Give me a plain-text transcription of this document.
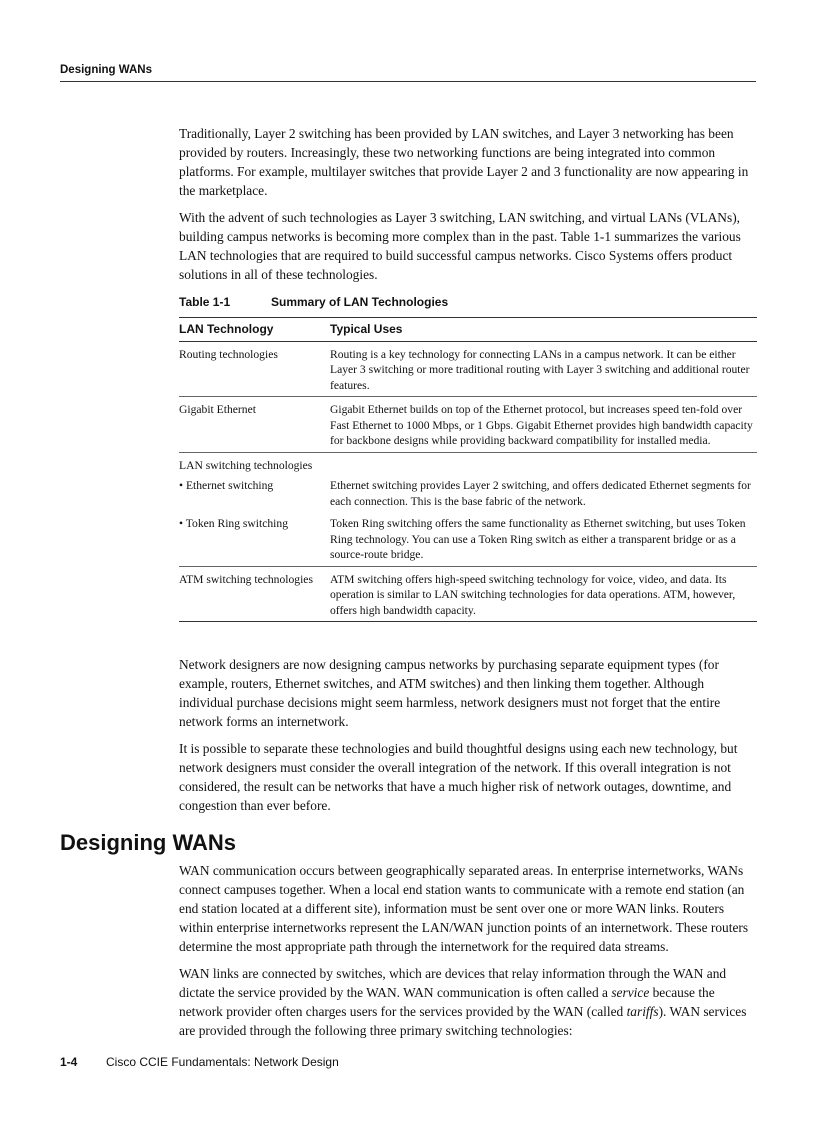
Designing WANs

Traditionally, Layer 2 switching has been provided by LAN switches, and Layer 3 networking has been provided by routers. Increasingly, these two networking functions are being integrated into common platforms. For example, multilayer switches that provide Layer 2 and 3 functionality are now appearing in the marketplace.

With the advent of such technologies as Layer 3 switching, LAN switching, and virtual LANs (VLANs), building campus networks is becoming more complex than in the past. Table 1-1 summarizes the various LAN technologies that are required to build successful campus networks. Cisco Systems offers product solutions in all of these technologies.

Table 1-1	Summary of LAN Technologies
LAN Technology	Typical Uses
Routing technologies	Routing is a key technology for connecting LANs in a campus network. It can be either Layer 3 switching or more traditional routing with Layer 3 switching and additional router features.
Gigabit Ethernet	Gigabit Ethernet builds on top of the Ethernet protocol, but increases speed ten-fold over Fast Ethernet to 1000 Mbps, or 1 Gbps. Gigabit Ethernet provides high bandwidth capacity for backbone designs while providing backward compatibility for installed media.
LAN switching technologies
• Ethernet switching	Ethernet switching provides Layer 2 switching, and offers dedicated Ethernet segments for each connection. This is the base fabric of the network.
• Token Ring switching	Token Ring switching offers the same functionality as Ethernet switching, but uses Token Ring technology. You can use a Token Ring switch as either a transparent bridge or as a source-route bridge.
ATM switching technologies	ATM switching offers high-speed switching technology for voice, video, and data. Its operation is similar to LAN switching technologies for data operations. ATM, however, offers high bandwidth capacity.

Network designers are now designing campus networks by purchasing separate equipment types (for example, routers, Ethernet switches, and ATM switches) and then linking them together. Although individual purchase decisions might seem harmless, network designers must not forget that the entire network forms an internetwork.

It is possible to separate these technologies and build thoughtful designs using each new technology, but network designers must consider the overall integration of the network. If this overall integration is not considered, the result can be networks that have a much higher risk of network outages, downtime, and congestion than ever before.

Designing WANs

WAN communication occurs between geographically separated areas. In enterprise internetworks, WANs connect campuses together. When a local end station wants to communicate with a remote end station (an end station located at a different site), information must be sent over one or more WAN links. Routers within enterprise internetworks represent the LAN/WAN junction points of an internetwork. These routers determine the most appropriate path through the internetwork for the required data streams.

WAN links are connected by switches, which are devices that relay information through the WAN and dictate the service provided by the WAN. WAN communication is often called a service because the network provider often charges users for the services provided by the WAN (called tariffs). WAN services are provided through the following three primary switching technologies:

1-4 Cisco CCIE Fundamentals: Network Design
